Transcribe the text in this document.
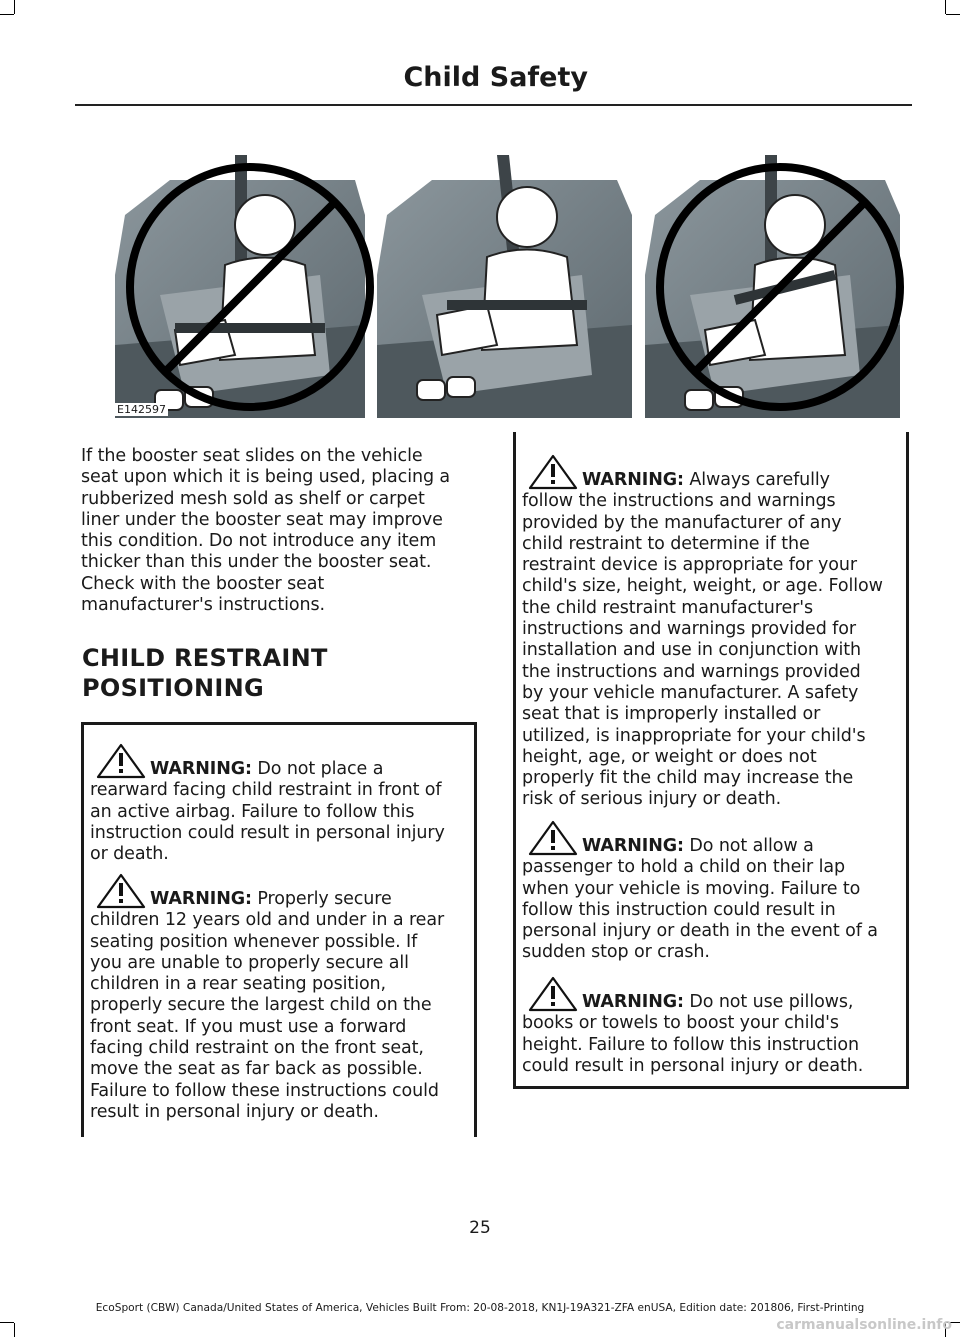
Child Safety
E142597
If the booster seat slides on the vehicle
seat upon which it is being used, placing a
rubberized mesh sold as shelf or carpet
liner under the booster seat may improve
this condition. Do not introduce any item
thicker than this under the booster seat.
Check with the booster seat
manufacturer's instructions.
CHILD RESTRAINT
POSITIONING

WARNING: Do not place a

rearward facing child restraint in front of
an active airbag. Failure to follow this
instruction could result in personal injury
or death.

WARNING: Properly secure

children 12 years old and under in a rear
seating position whenever possible. If
you are unable to properly secure all
children in a rear seating position,
properly secure the largest child on the
front seat. If you must use a forward
facing child restraint on the front seat,
move the seat as far back as possible.
Failure to follow these instructions could
result in personal injury or death.

WARNING: Always carefully

follow the instructions and warnings
provided by the manufacturer of any
child restraint to determine if the
restraint device is appropriate for your
child's size, height, weight, or age. Follow
the child restraint manufacturer's
instructions and warnings provided for
installation and use in conjunction with
the instructions and warnings provided
by your vehicle manufacturer. A safety
seat that is improperly installed or
utilized, is inappropriate for your child's
height, age, or weight or does not
properly fit the child may increase the
risk of serious injury or death.

WARNING: Do not allow a

passenger to hold a child on their lap
when your vehicle is moving. Failure to
follow this instruction could result in
personal injury or death in the event of a
sudden stop or crash.

WARNING: Do not use pillows,

books or towels to boost your child's
height. Failure to follow this instruction
could result in personal injury or death.
25
EcoSport (CBW) Canada/United States of America, Vehicles Built From: 20-08-2018, KN1J-19A321-ZFA enUSA, Edition date: 201806, First-Printing
carmanualsonline.info
